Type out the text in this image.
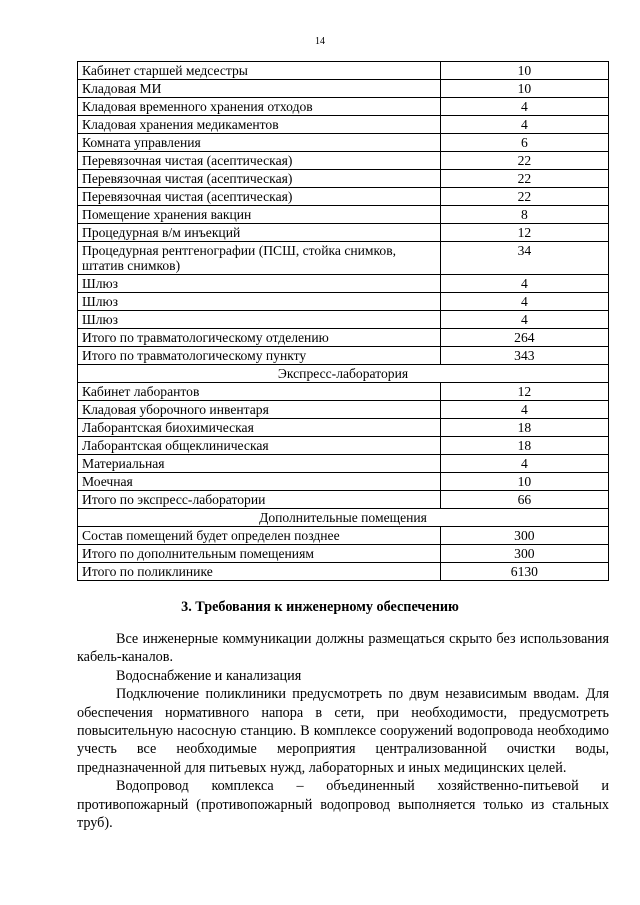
14
Кабинет старшей медсестры	10
Кладовая МИ	10
Кладовая временного хранения отходов	4
Кладовая хранения медикаментов	4
Комната управления	6
Перевязочная чистая (асептическая)	22
Перевязочная чистая (асептическая)	22
Перевязочная чистая (асептическая)	22
Помещение хранения вакцин	8
Процедурная в/м инъекций	12
Процедурная рентгенографии (ПСШ, стойка снимков, штатив снимков)	34
Шлюз	4
Шлюз	4
Шлюз	4
Итого по травматологическому отделению	264
Итого по травматологическому пункту	343
Экспресс-лаборатория	
Кабинет лаборантов	12
Кладовая уборочного инвентаря	4
Лаборантская биохимическая	18
Лаборантская общеклиническая	18
Материальная	4
Моечная	10
Итого по экспресс-лаборатории	66
Дополнительные помещения	
Состав помещений будет определен позднее	300
Итого по дополнительным помещениям	300
Итого по поликлинике	6130
3. Требования к инженерному обеспечению

Все инженерные коммуникации должны размещаться скрыто без использования кабель-каналов.

Водоснабжение и канализация

Подключение поликлиники предусмотреть по двум независимым вводам. Для обеспечения нормативного напора в сети, при необходимости, предусмотреть повысительную насосную станцию. В комплексе сооружений водопровода необходимо учесть все необходимые мероприятия централизованной очистки воды, предназначенной для питьевых нужд, лабораторных и иных медицинских целей.

Водопровод комплекса – объединенный хозяйственно-питьевой и противопожарный (противопожарный водопровод выполняется только из стальных труб).
